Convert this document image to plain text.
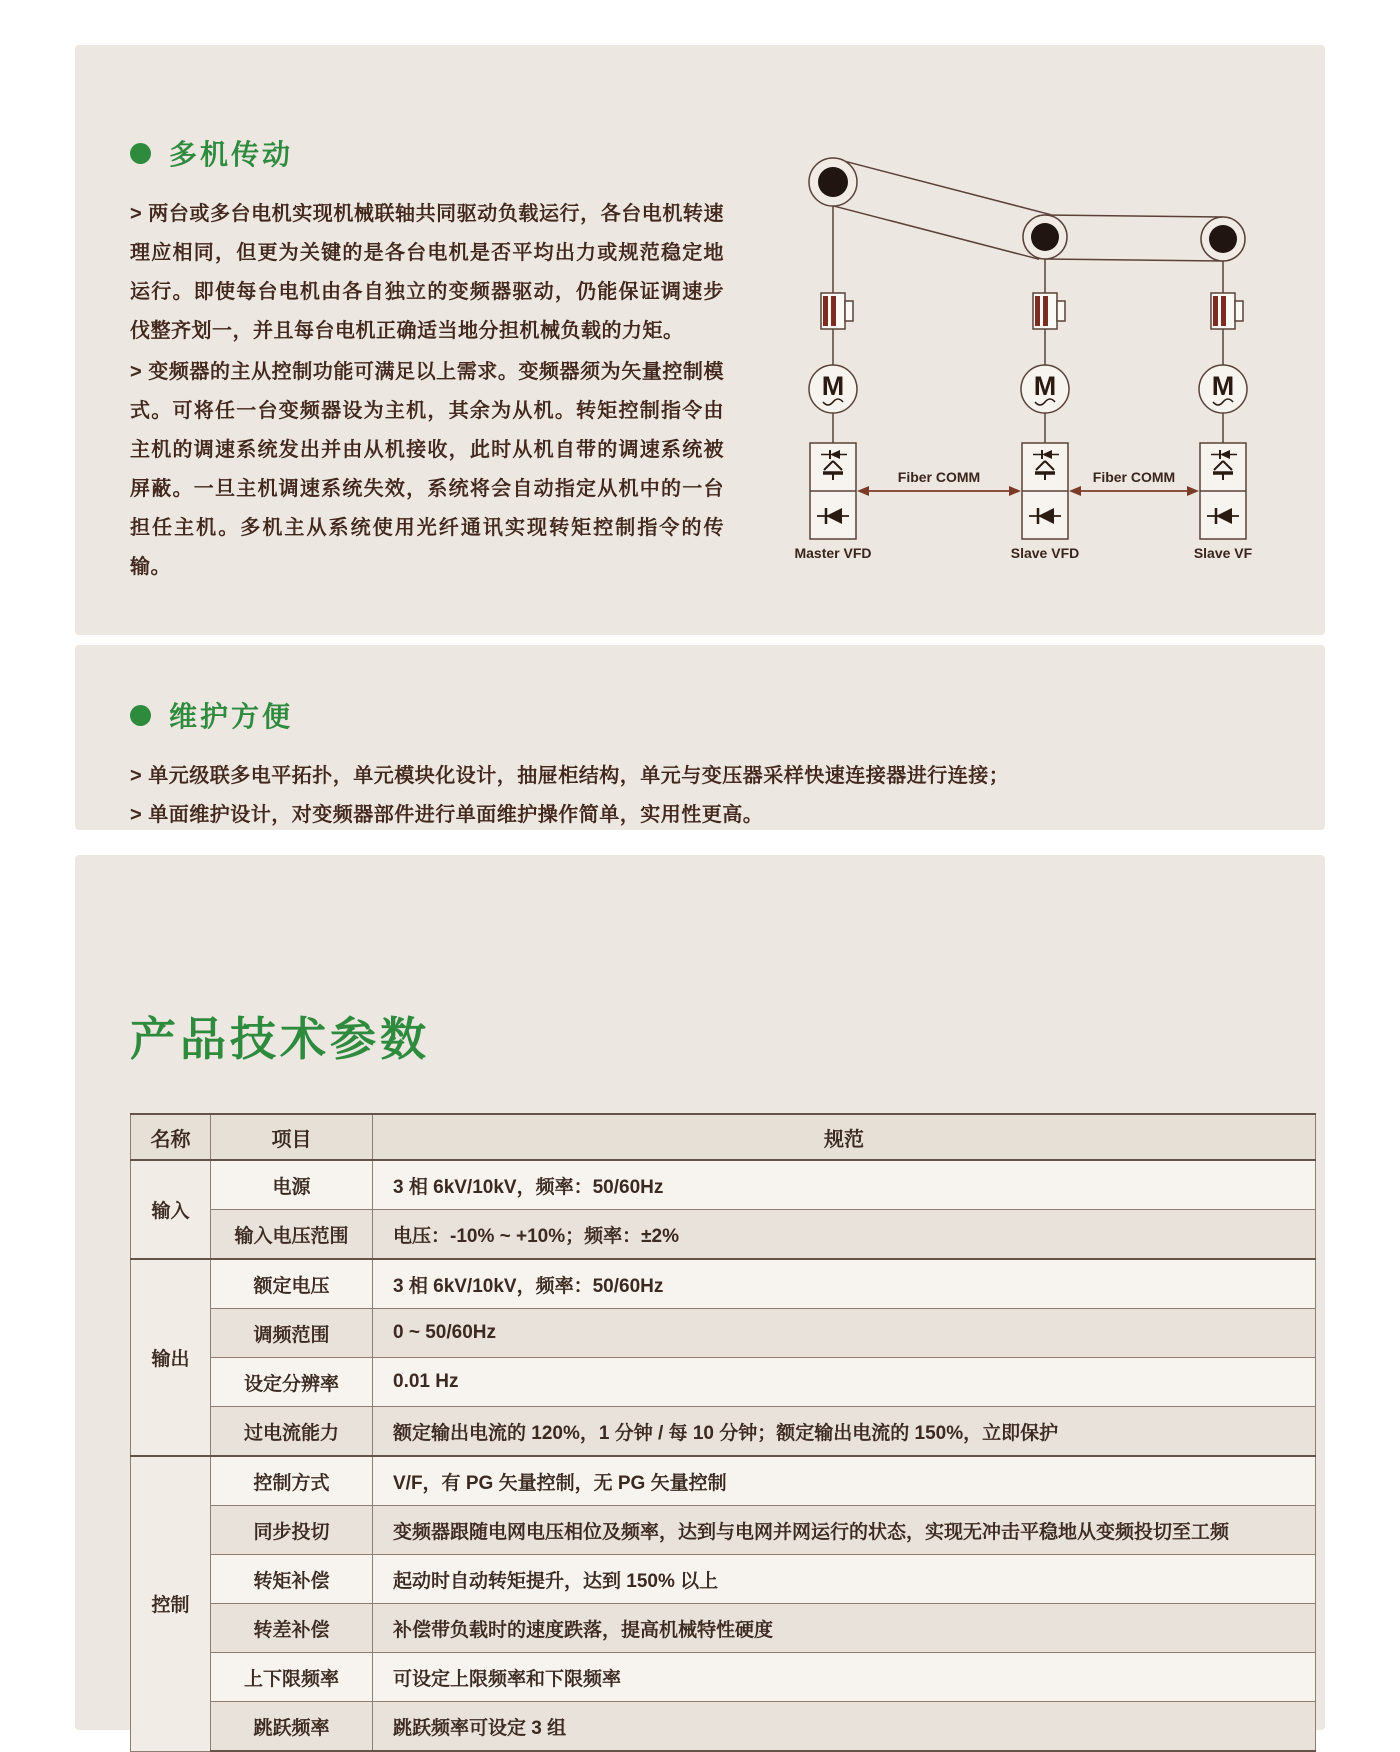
多机传动

> 两台或多台电机实现机械联轴共同驱动负载运行，各台电机转速理应相同，但更为关键的是各台电机是否平均出力或规范稳定地运行。即使每台电机由各自独立的变频器驱动，仍能保证调速步伐整齐划一，并且每台电机正确适当地分担机械负载的力矩。

> 变频器的主从控制功能可满足以上需求。变频器须为矢量控制模式。可将任一台变频器设为主机，其余为从机。转矩控制指令由主机的调速系统发出并由从机接收，此时从机自带的调速系统被屏蔽。一旦主机调速系统失效，系统将会自动指定从机中的一台担任主机。多机主从系统使用光纤通讯实现转矩控制指令的传输。

M	M	M
Fiber COMM	Fiber COMM
Master VFD	Slave VFD	Slave VF
维护方便

> 单元级联多电平拓扑，单元模块化设计，抽屉柜结构，单元与变压器采样快速连接器进行连接；

> 单面维护设计，对变频器部件进行单面维护操作简单，实用性更高。

产品技术参数
名称	项目	规范
输入	电源	3 相 6kV/10kV，频率：50/60Hz
	输入电压范围	电压：-10% ~ +10%；频率：±2%
输出	额定电压	3 相 6kV/10kV，频率：50/60Hz
	调频范围	0 ~ 50/60Hz
	设定分辨率	0.01 Hz
	过电流能力	额定输出电流的 120%，1 分钟 / 每 10 分钟；额定输出电流的 150%，立即保护
控制	控制方式	V/F，有 PG 矢量控制，无 PG 矢量控制
	同步投切	变频器跟随电网电压相位及频率，达到与电网并网运行的状态，实现无冲击平稳地从变频投切至工频
	转矩补偿	起动时自动转矩提升，达到 150% 以上
	转差补偿	补偿带负载时的速度跌落，提高机械特性硬度
	上下限频率	可设定上限频率和下限频率
	跳跃频率	跳跃频率可设定 3 组
